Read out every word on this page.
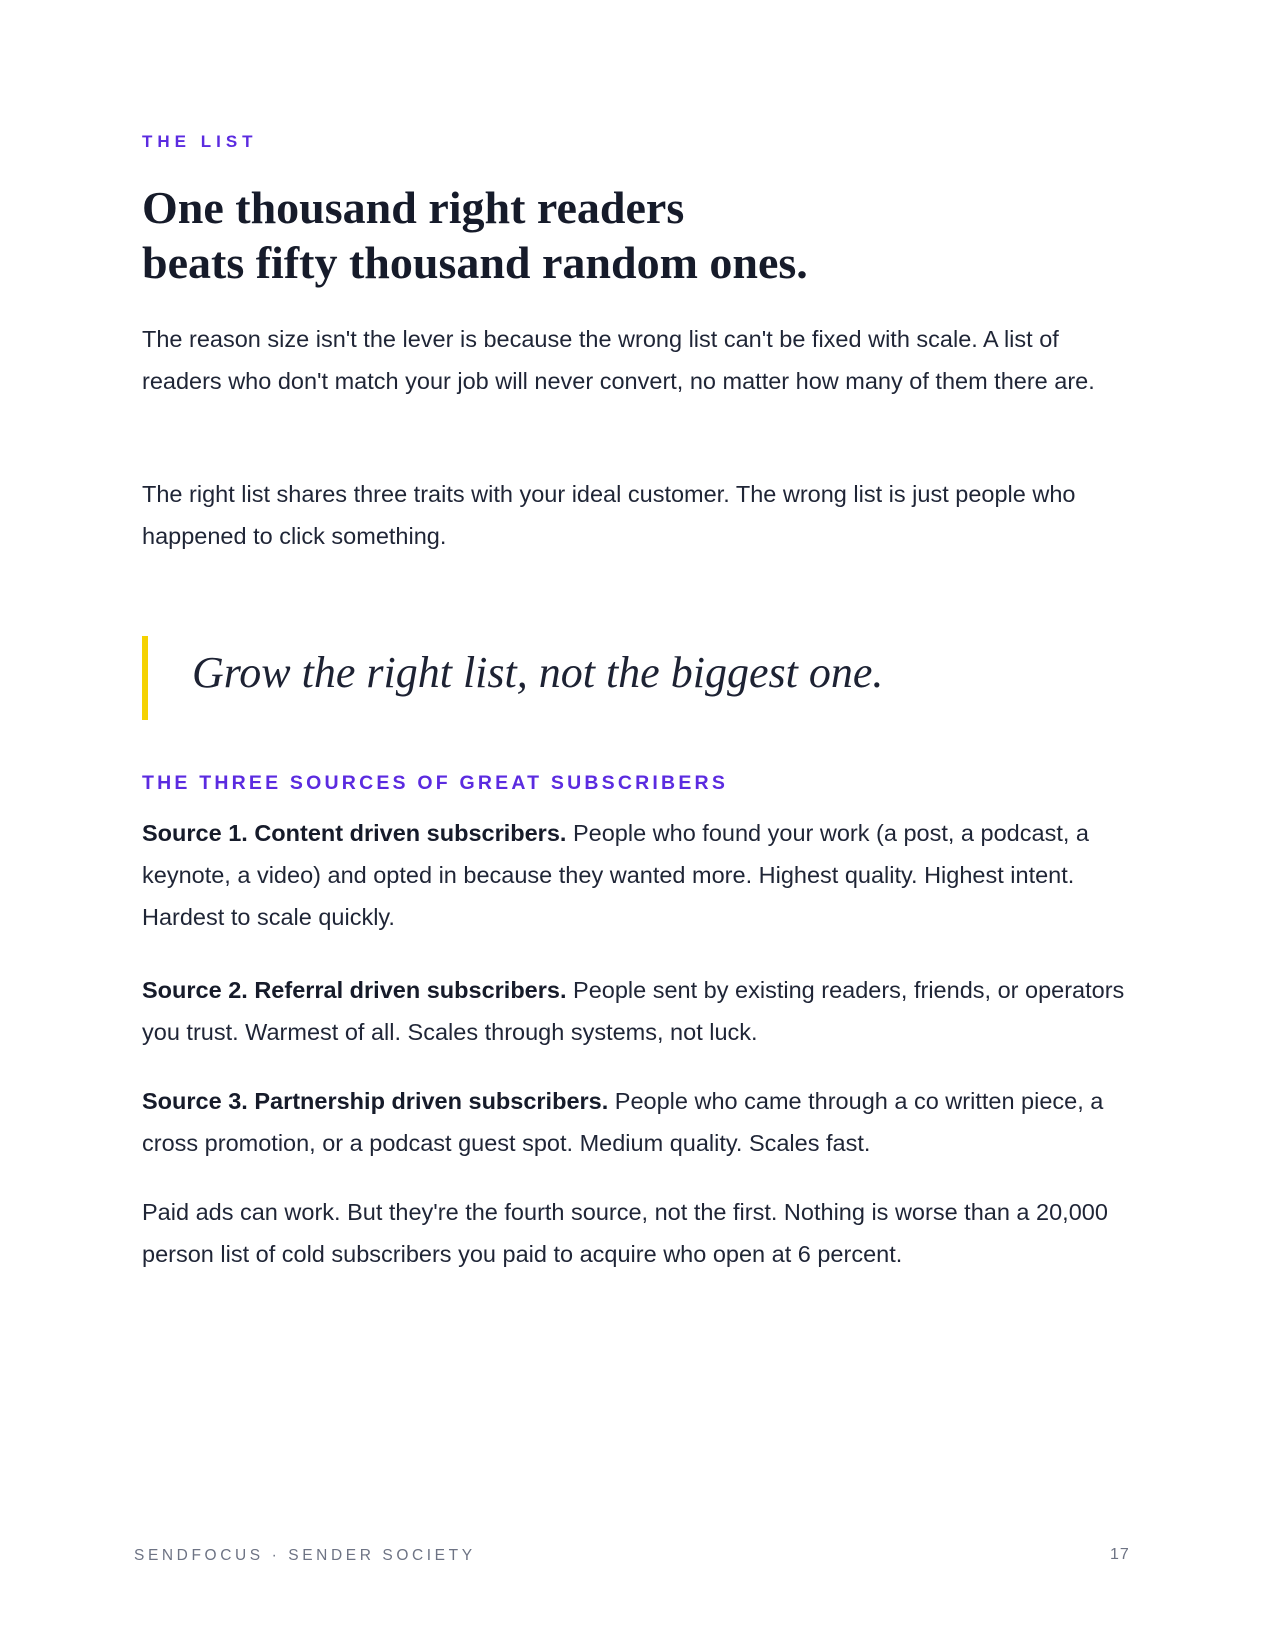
THE LIST
One thousand right readers
beats fifty thousand random ones.

The reason size isn't the lever is because the wrong list can't be fixed with scale. A list of readers who don't match your job will never convert, no matter how many of them there are.

The right list shares three traits with your ideal customer. The wrong list is just people who happened to click something.

Grow the right list, not the biggest one.
THE THREE SOURCES OF GREAT SUBSCRIBERS

Source 1. Content driven subscribers. People who found your work (a post, a podcast, a keynote, a video) and opted in because they wanted more. Highest quality. Highest intent. Hardest to scale quickly.

Source 2. Referral driven subscribers. People sent by existing readers, friends, or operators you trust. Warmest of all. Scales through systems, not luck.

Source 3. Partnership driven subscribers. People who came through a co written piece, a cross promotion, or a podcast guest spot. Medium quality. Scales fast.

Paid ads can work. But they're the fourth source, not the first. Nothing is worse than a 20,000 person list of cold subscribers you paid to acquire who open at 6 percent.

SENDFOCUS · SENDER SOCIETY	17
